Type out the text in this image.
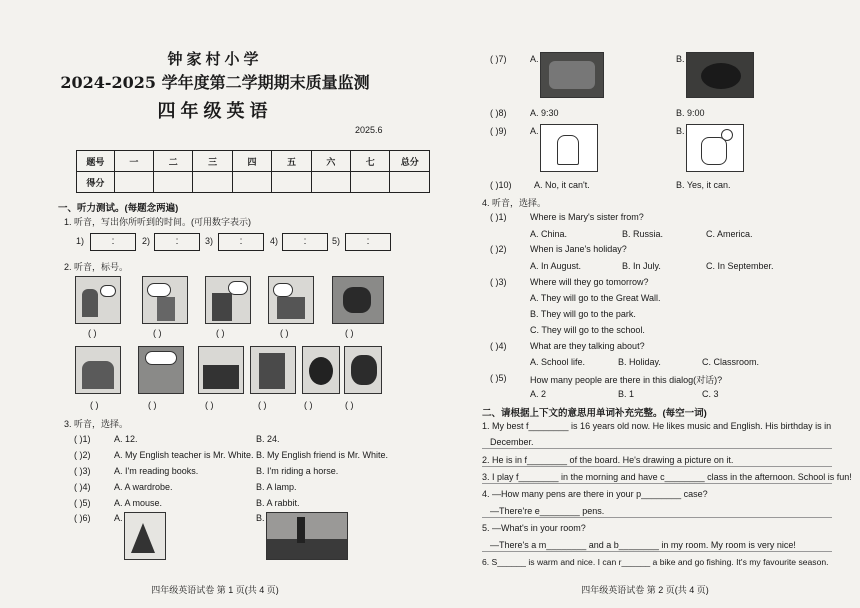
钟家村小学
2024-2025 学年度第二学期期末质量监测
四年级英语
2025.6
题号	一	二	三	四	五	六	七	总分
得分								
一、听力测试。(每题念两遍)
1. 听音，写出你所听到的时间。(可用数字表示)
1)	:	2)	:	3)	:	4)	:	5)	:
2. 听音，标号。
( )	( )	( )	( )	( )
( )	( )	( )	( )	( )	( )
3. 听音，选择。
( )1)	A. 12.	B. 24.
( )2)	A. My English teacher is Mr. White. B. My English friend is Mr. White.
( )3)	A. I'm reading books.	B. I'm riding a horse.
( )4)	A. A wardrobe.	B. A lamp.
( )5)	A. A mouse.	B. A rabbit.
( )6)	A.	B.
四年级英语试卷 第 1 页(共 4 页)
( )7)	A.	B.
( )8)	A. 9:30	B. 9:00
( )9)	A.	B.
( )10) A. No, it can't.	B. Yes, it can.
4. 听音，选择。
( )1)	Where is Mary's sister from?
A. China.	B. Russia.	C. America.
( )2)	When is Jane's holiday?
A. In August.	B. In July.	C. In September.
( )3)	Where will they go tomorrow?
A. They will go to the Great Wall.
B. They will go to the park.
C. They will go to the school.
( )4)	What are they talking about?
A. School life.	B. Holiday.	C. Classroom.
( )5)	How many people are there in this dialog(对话)?
A. 2	B. 1	C. 3
二、请根据上下文的意思用单词补充完整。(每空一词)
1. My best f________ is 16 years old now. He likes music and English. His birthday is in
December.
2. He is in f________ of the board. He's drawing a picture on it.
3. I play f________ in the morning and have c________ class in the afternoon. School is fun!
4. —How many pens are there in your p________ case?
—There're e________ pens.
5. —What's in your room?
—There's a m________ and a b________ in my room. My room is very nice!
6. S______ is warm and nice. I can r______ a bike and go fishing. It's my favourite season.
四年级英语试卷 第 2 页(共 4 页)
